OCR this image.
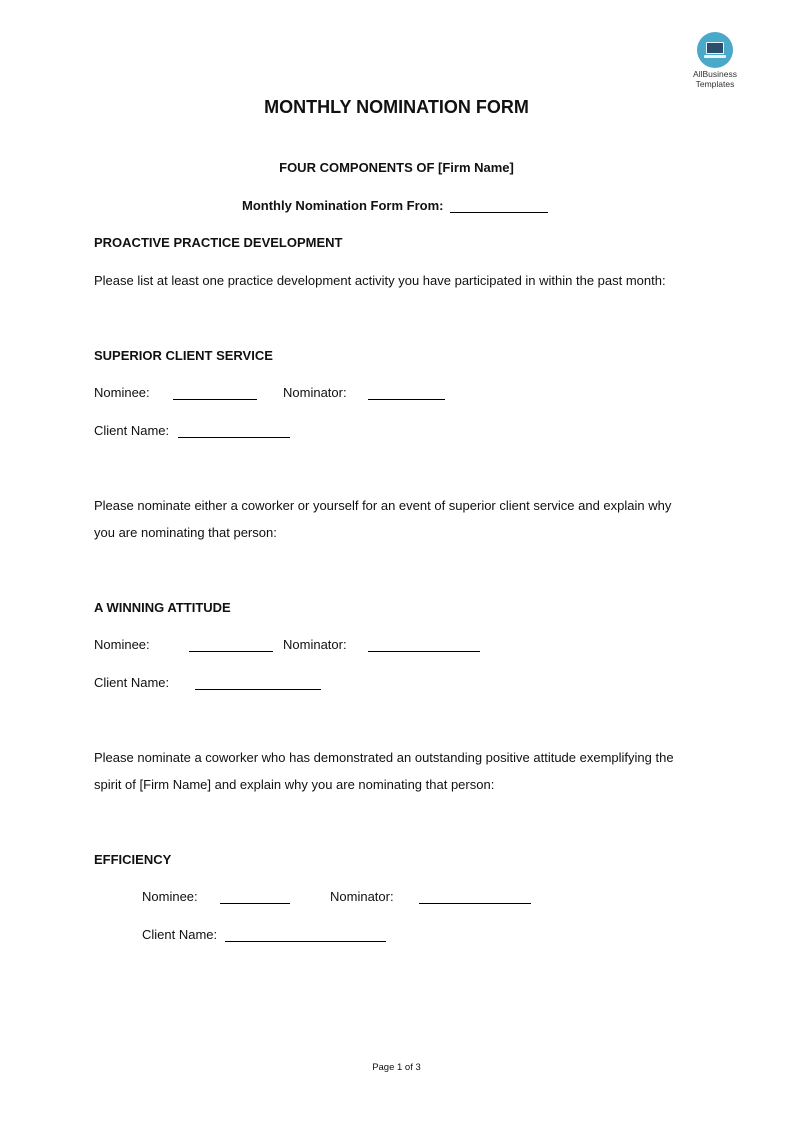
AllBusiness
Templates
MONTHLY NOMINATION FORM
FOUR COMPONENTS OF [Firm Name]
Monthly Nomination Form From:
PROACTIVE PRACTICE DEVELOPMENT
Please list at least one practice development activity you have participated in within the past month:
SUPERIOR CLIENT SERVICE
Nominee:	Nominator:
Client Name:
Please nominate either a coworker or yourself for an event of superior client service and explain why
you are nominating that person:
A WINNING ATTITUDE
Nominee:	Nominator:
Client Name:
Please nominate a coworker who has demonstrated an outstanding positive attitude exemplifying the
spirit of [Firm Name] and explain why you are nominating that person:
EFFICIENCY
Nominee:	Nominator:
Client Name:
Page 1 of 3
